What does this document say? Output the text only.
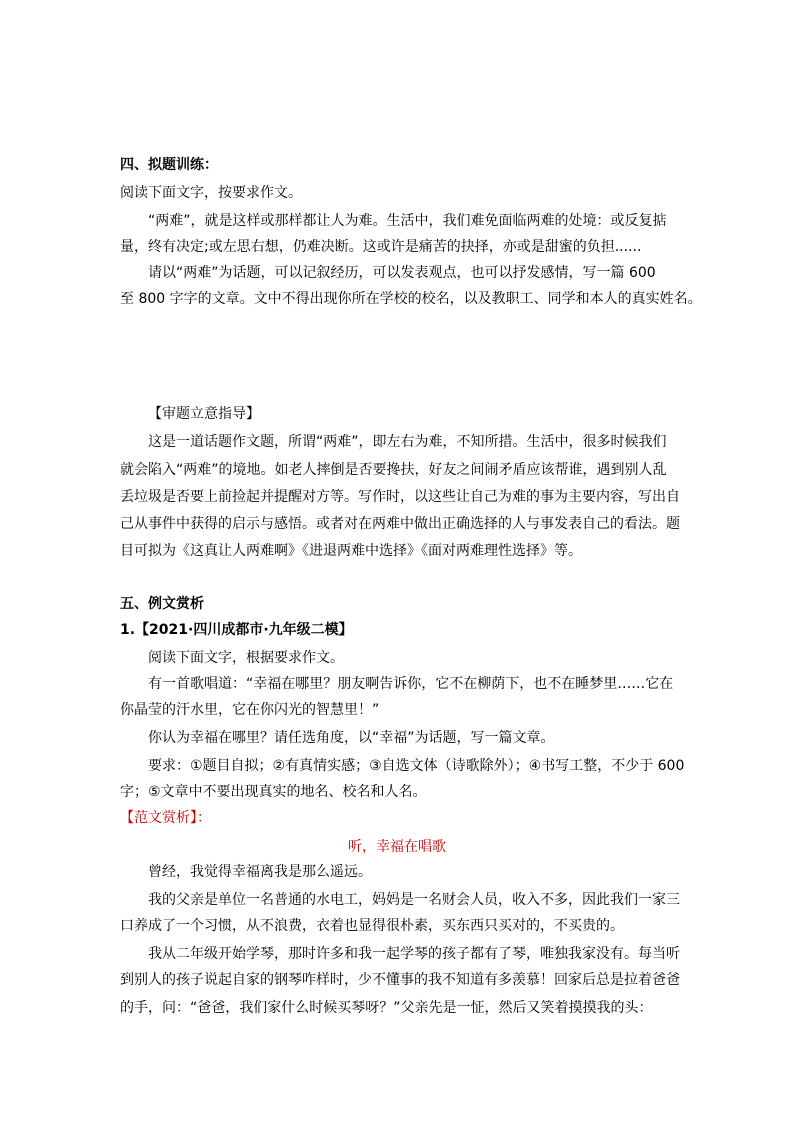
四、拟题训练：
阅读下面文字，按要求作文。
“两难”，就是这样或那样都让人为难。生活中，我们难免面临两难的处境：或反复掂
量，终有决定;或左思右想，仍难决断。这或许是痛苦的抉择，亦或是甜蜜的负担......
请以“两难”为话题，可以记叙经历，可以发表观点，也可以抒发感情，写一篇 600
至 800 字字的文章。文中不得出现你所在学校的校名，以及教职工、同学和本人的真实姓名。
【审题立意指导】
这是一道话题作文题，所谓“两难”，即左右为难，不知所措。生活中，很多时候我们
就会陷入“两难”的境地。如老人摔倒是否要搀扶，好友之间闹矛盾应该帮谁，遇到别人乱
丢垃圾是否要上前捡起并提醒对方等。写作时，以这些让自己为难的事为主要内容，写出自
己从事件中获得的启示与感悟。或者对在两难中做出正确选择的人与事发表自己的看法。题
目可拟为《这真让人两难啊》《进退两难中选择》《面对两难理性选择》等。
五、例文赏析
1.【2021·四川成都市·九年级二模】
阅读下面文字，根据要求作文。
有一首歌唱道：“幸福在哪里？朋友啊告诉你，它不在柳荫下，也不在睡梦里……它在
你晶莹的汗水里，它在你闪光的智慧里！”
你认为幸福在哪里？请任选角度，以“幸福”为话题，写一篇文章。
要求：①题目自拟；②有真情实感；③自选文体（诗歌除外）；④书写工整，不少于 600
字；⑤文章中不要出现真实的地名、校名和人名。
【范文赏析】：
听，幸福在唱歌
曾经，我觉得幸福离我是那么遥远。
我的父亲是单位一名普通的水电工，妈妈是一名财会人员，收入不多，因此我们一家三
口养成了一个习惯，从不浪费，衣着也显得很朴素，买东西只买对的，不买贵的。
我从二年级开始学琴，那时许多和我一起学琴的孩子都有了琴，唯独我家没有。每当听
到别人的孩子说起自家的钢琴咋样时，少不懂事的我不知道有多羡慕！回家后总是拉着爸爸
的手，问：“爸爸，我们家什么时候买琴呀？”父亲先是一怔，然后又笑着摸摸我的头：
